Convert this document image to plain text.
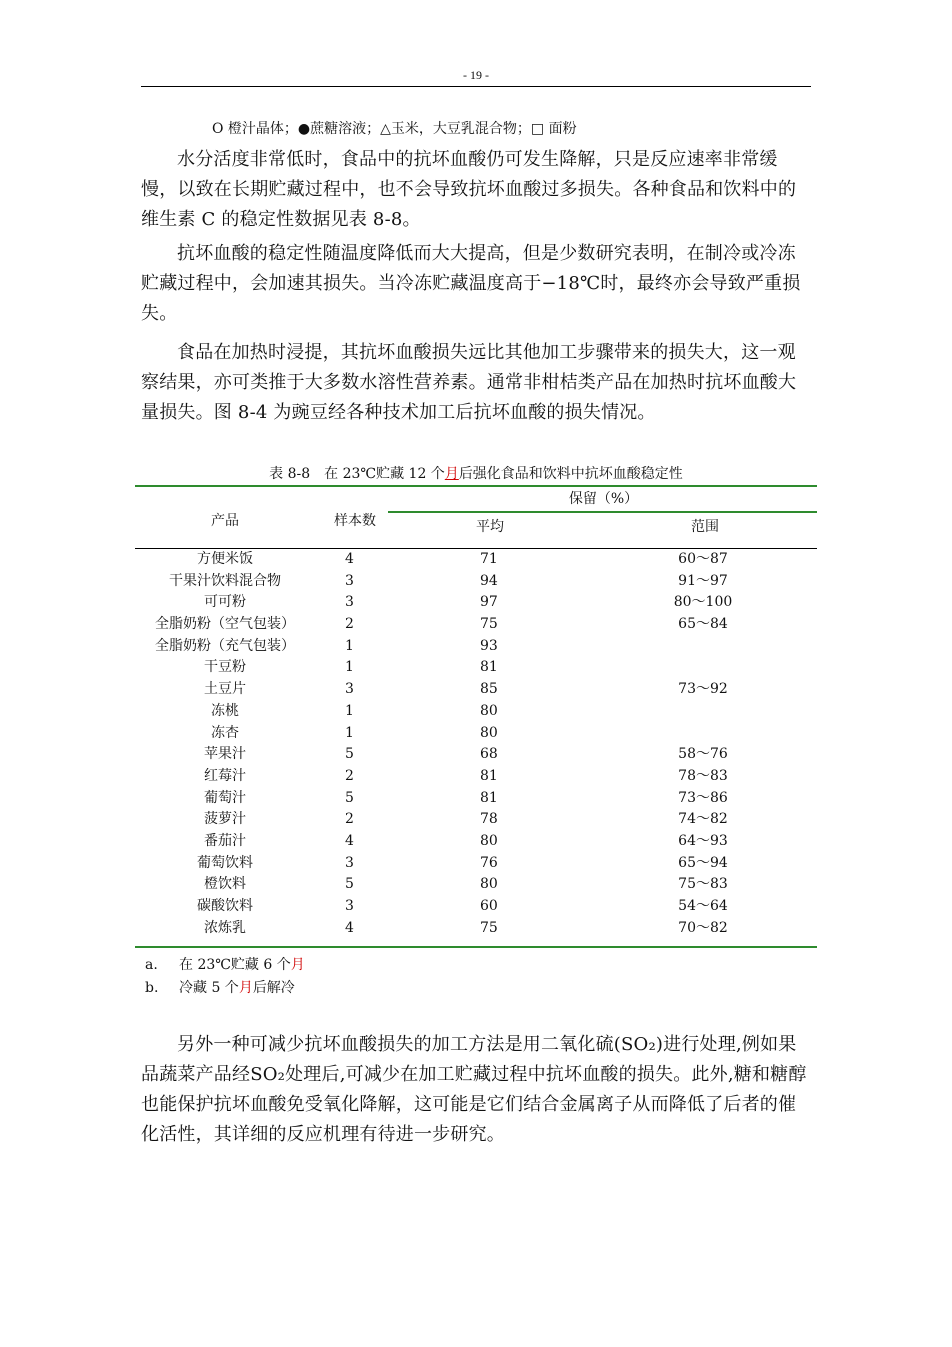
- 19 -
O 橙汁晶体；●蔗糖溶液；△玉米，大豆乳混合物；□ 面粉

水分活度非常低时，食品中的抗坏血酸仍可发生降解，只是反应速率非常缓慢，以致在长期贮藏过程中，也不会导致抗坏血酸过多损失。各种食品和饮料中的维生素 C 的稳定性数据见表 8-8。

抗坏血酸的稳定性随温度降低而大大提高，但是少数研究表明，在制冷或冷冻贮藏过程中，会加速其损失。当冷冻贮藏温度高于−18℃时，最终亦会导致严重损失。

食品在加热时浸提，其抗坏血酸损失远比其他加工步骤带来的损失大，这一观察结果，亦可类推于大多数水溶性营养素。通常非柑桔类产品在加热时抗坏血酸大量损失。图 8-4 为豌豆经各种技术加工后抗坏血酸的损失情况。

表 8-8　在 23℃贮藏 12 个月后强化食品和饮料中抗坏血酸稳定性
产品	样本数
保留（%）
平均	范围
方便米饭	4	71	60～87
干果汁饮料混合物	3	94	91～97
可可粉	3	97	80～100
全脂奶粉（空气包装）	2	75	65～84
全脂奶粉（充气包装）	1	93
干豆粉	1	81
土豆片	3	85	73～92
冻桃	1	80
冻杏	1	80
苹果汁	5	68	58～76
红莓汁	2	81	78～83
葡萄汁	5	81	73～86
菠萝汁	2	78	74～82
番茄汁	4	80	64～93
葡萄饮料	3	76	65～94
橙饮料	5	80	75～83
碳酸饮料	3	60	54～64
浓炼乳	4	75	70～82
a. 在 23℃贮藏 6 个月
b. 冷藏 5 个月后解冷

另外一种可减少抗坏血酸损失的加工方法是用二氧化硫(SO₂)进行处理,例如果品蔬菜产品经SO₂处理后,可减少在加工贮藏过程中抗坏血酸的损失。此外,糖和糖醇也能保护抗坏血酸免受氧化降解，这可能是它们结合金属离子从而降低了后者的催化活性，其详细的反应机理有待进一步研究。
